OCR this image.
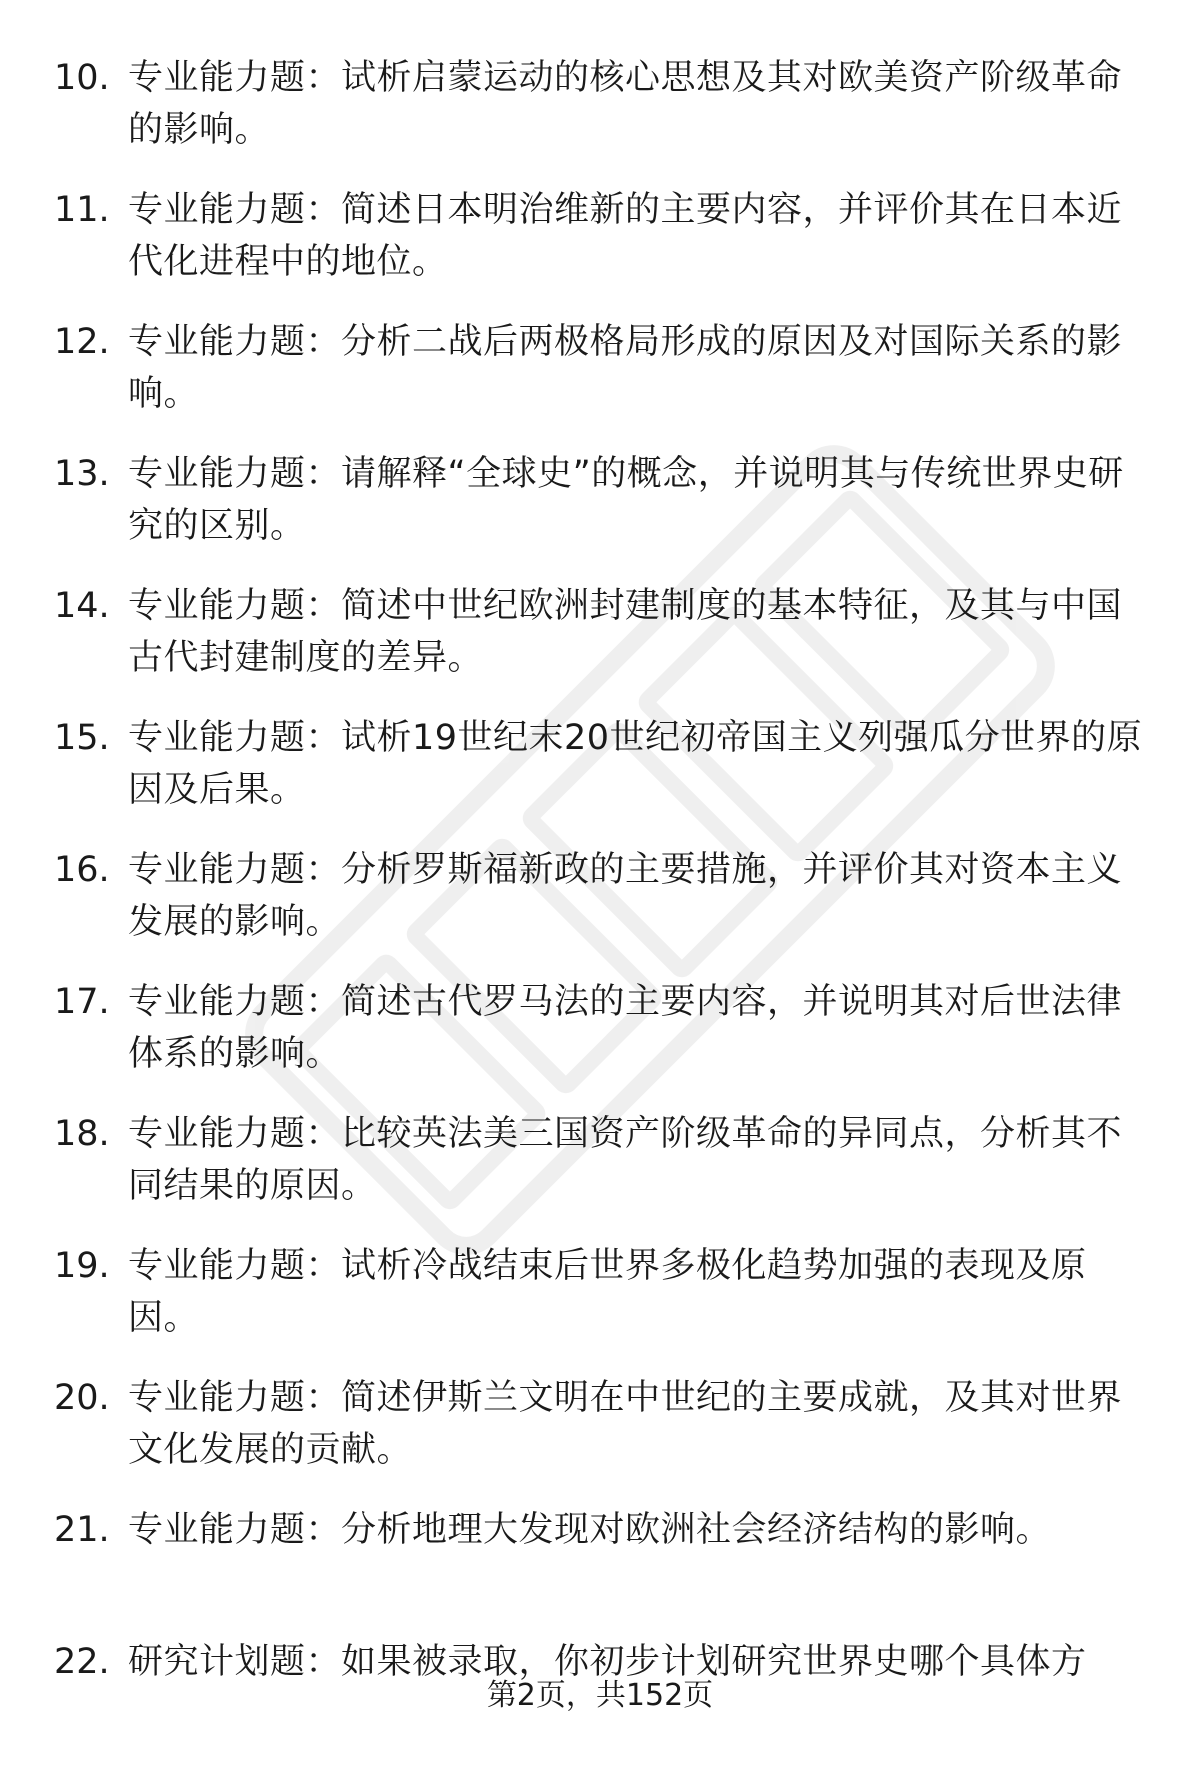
10. 专业能力题：试析启蒙运动的核心思想及其对欧美资产阶级革命的影响。
11. 专业能力题：简述日本明治维新的主要内容，并评价其在日本近代化进程中的地位。
12. 专业能力题：分析二战后两极格局形成的原因及对国际关系的影响。
13. 专业能力题：请解释“全球史”的概念，并说明其与传统世界史研究的区别。
14. 专业能力题：简述中世纪欧洲封建制度的基本特征，及其与中国古代封建制度的差异。
15. 专业能力题：试析19世纪末20世纪初帝国主义列强瓜分世界的原因及后果。
16. 专业能力题：分析罗斯福新政的主要措施，并评价其对资本主义发展的影响。
17. 专业能力题：简述古代罗马法的主要内容，并说明其对后世法律体系的影响。
18. 专业能力题：比较英法美三国资产阶级革命的异同点，分析其不同结果的原因。
19. 专业能力题：试析冷战结束后世界多极化趋势加强的表现及原因。
20. 专业能力题：简述伊斯兰文明在中世纪的主要成就，及其对世界文化发展的贡献。
21. 专业能力题：分析地理大发现对欧洲社会经济结构的影响。
22. 研究计划题：如果被录取，你初步计划研究世界史哪个具体方
第2页，共152页
